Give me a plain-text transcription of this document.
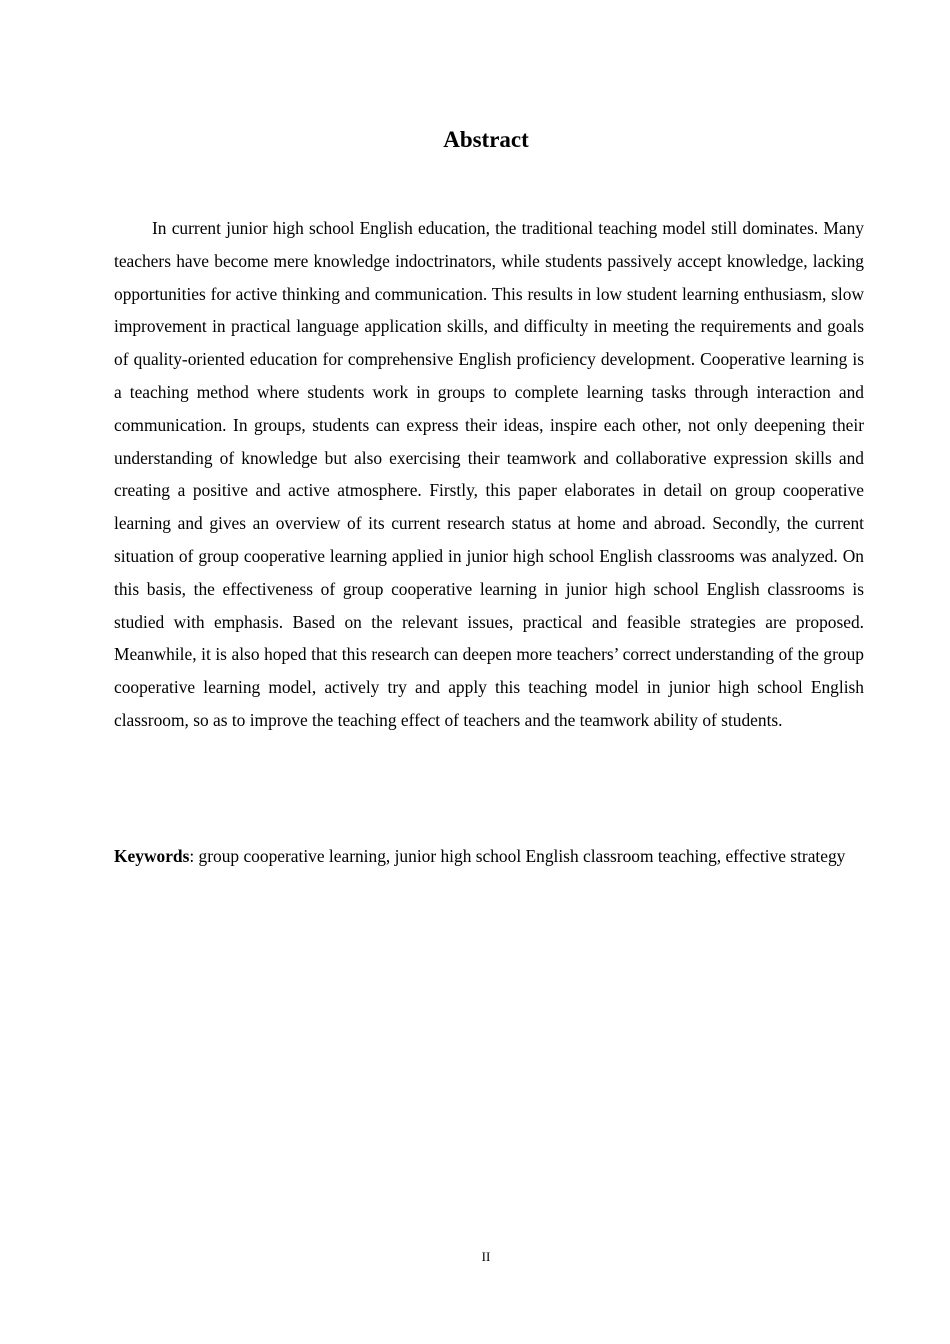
Abstract

In current junior high school English education, the traditional teaching model still dominates. Many teachers have become mere knowledge indoctrinators, while students passively accept knowledge, lacking opportunities for active thinking and communication. This results in low student learning enthusiasm, slow improvement in practical language application skills, and difficulty in meeting the requirements and goals of quality-oriented education for comprehensive English proficiency development. Cooperative learning is a teaching method where students work in groups to complete learning tasks through interaction and communication. In groups, students can express their ideas, inspire each other, not only deepening their understanding of knowledge but also exercising their teamwork and collaborative expression skills and creating a positive and active atmosphere. Firstly, this paper elaborates in detail on group cooperative learning and gives an overview of its current research status at home and abroad. Secondly, the current situation of group cooperative learning applied in junior high school English classrooms was analyzed. On this basis, the effectiveness of group cooperative learning in junior high school English classrooms is studied with emphasis. Based on the relevant issues, practical and feasible strategies are proposed. Meanwhile, it is also hoped that this research can deepen more teachers’ correct understanding of the group cooperative learning model, actively try and apply this teaching model in junior high school English classroom, so as to improve the teaching effect of teachers and the teamwork ability of students.

Keywords: group cooperative learning, junior high school English classroom teaching, effective strategy

II
